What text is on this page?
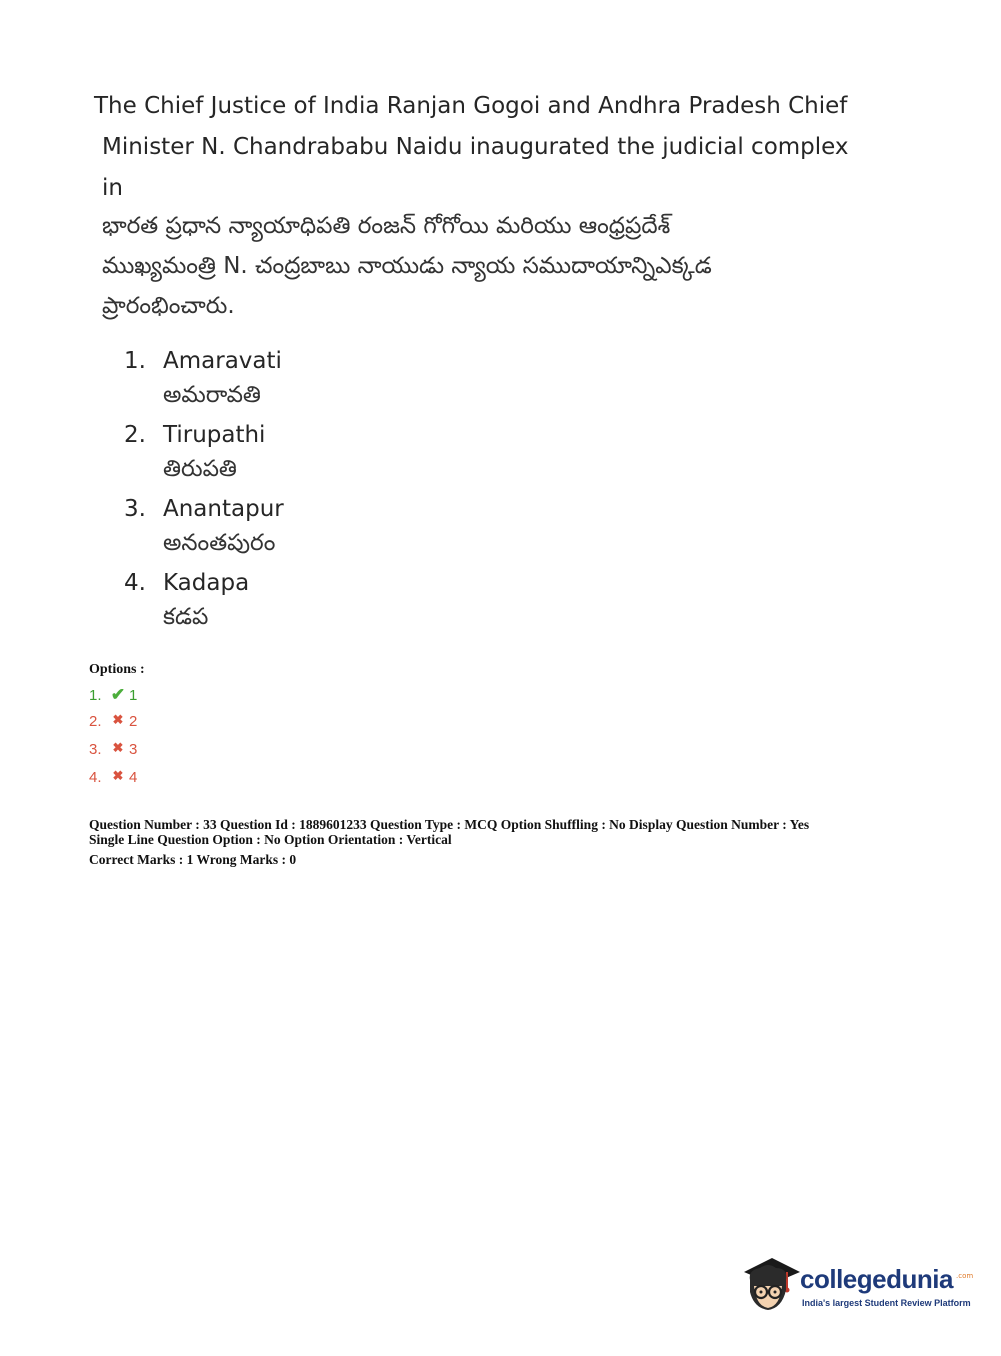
The Chief Justice of India Ranjan Gogoi and Andhra Pradesh Chief
Minister N. Chandrababu Naidu inaugurated the judicial complex
in
భారత ప్రధాన న్యాయాధిపతి రంజన్ గోగోయి మరియు ఆంధ్రప్రదేశ్
ముఖ్యమంత్రి N. చంద్రబాబు నాయుడు న్యాయ సముదాయాన్నిఎక్కడ
ప్రారంభించారు.
1. Amaravati
అమరావతి
2. Tirupathi
తిరుపతి
3. Anantapur
అనంతపురం
4. Kadapa
కడప
Options :
1. ✔ 1
2. ✖ 2
3. ✖ 3
4. ✖ 4
Question Number : 33 Question Id : 1889601233 Question Type : MCQ Option Shuffling : No Display Question Number : Yes
Single Line Question Option : No Option Orientation : Vertical
Correct Marks : 1 Wrong Marks : 0
collegedunia .com
India's largest Student Review Platform
